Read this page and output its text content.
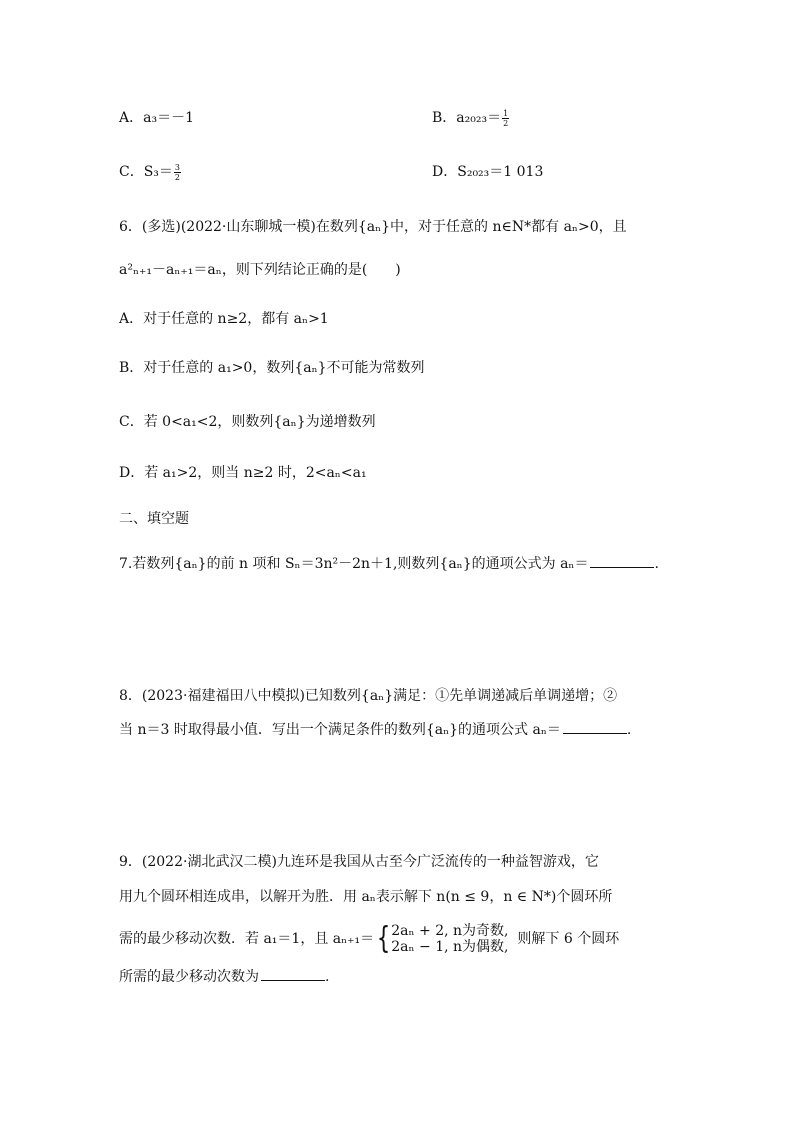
A．a₃＝－1	B．$a_{2023}= \frac{1}{2}$
C．$S_3= \frac{3}{2}$	D．S₂₀₂₃＝1 013
6．(多选)(2022·山东聊城一模)在数列{aₙ}中，对于任意的 n∈N*都有 aₙ>0，且
a²ₙ₊₁－aₙ₊₁＝aₙ，则下列结论正确的是(　　)
A．对于任意的 n≥2，都有 aₙ>1
B．对于任意的 a₁>0，数列{aₙ}不可能为常数列
C．若 0<a₁<2，则数列{aₙ}为递增数列
D．若 a₁>2，则当 n≥2 时，2<aₙ<a₁
二、填空题
7.若数列{aₙ}的前 n 项和 Sₙ＝3n²－2n＋1,则数列{aₙ}的通项公式为 aₙ＝	.
8．(2023·福建福田八中模拟)已知数列{aₙ}满足：①先单调递减后单调递增；②
当 n＝3 时取得最小值．写出一个满足条件的数列{aₙ}的通项公式 aₙ＝	.
9．(2022·湖北武汉二模)九连环是我国从古至今广泛流传的一种益智游戏，它
用九个圆环相连成串，以解开为胜．用 aₙ表示解下 n(n ≤ 9，n ∈ N*)个圆环所
需的最少移动次数．若 a₁＝1，且 aₙ₊₁＝{ 2aₙ + 2, n为奇数,
2aₙ − 1, n为偶数, 则解下 6 个圆环
所需的最少移动次数为	.
